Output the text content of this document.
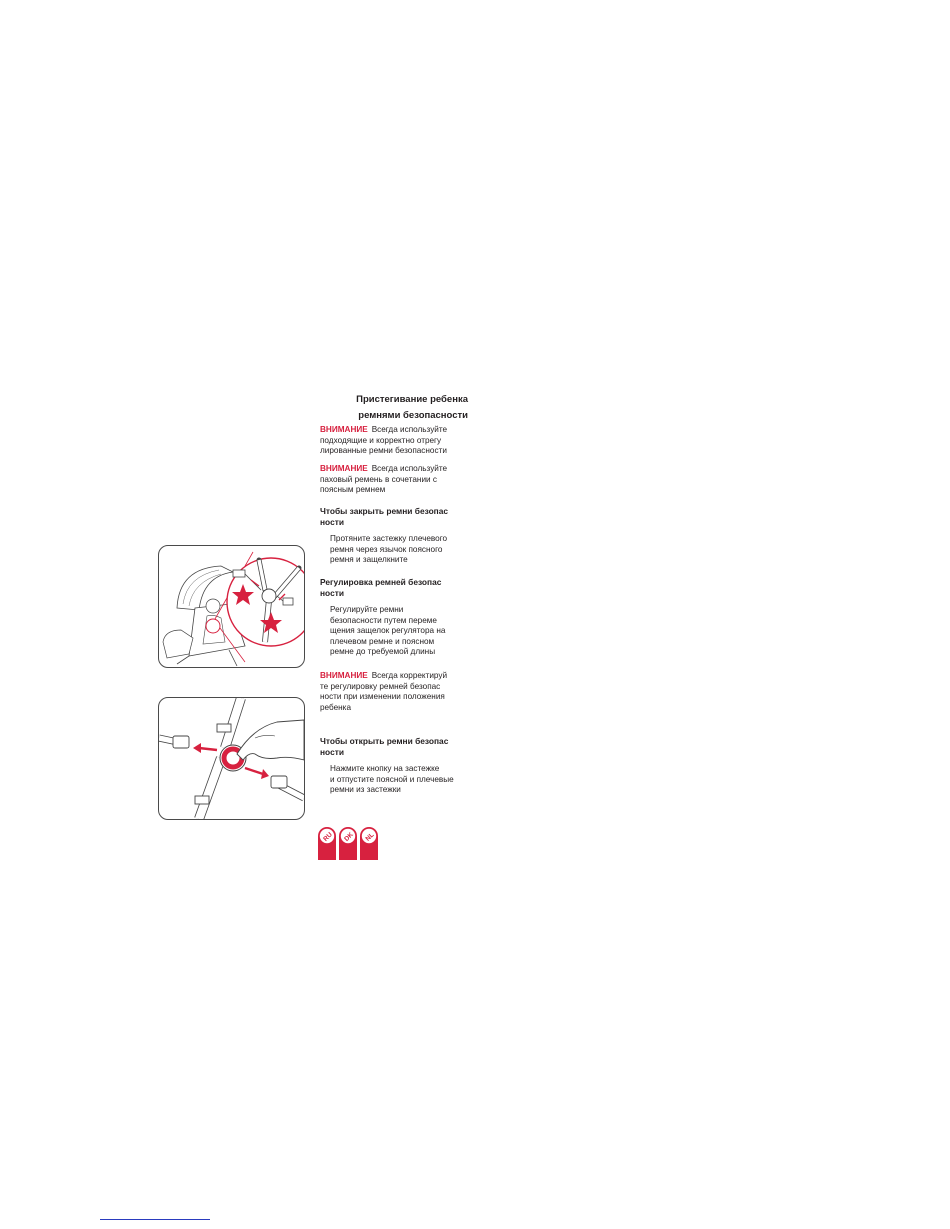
Пристегивание ребенка
ремнями безопасности
ВНИМАНИЕ Всегда используйте
подходящие и корректно отрегу
лированные ремни безопасности
ВНИМАНИЕ Всегда используйте
паховый ремень в сочетании с
поясным ремнем
Чтобы закрыть ремни безопас
ности
Протяните застежку плечевого
ремня через язычок поясного
ремня и защелкните
Регулировка ремней безопас
ности
Регулируйте ремни
безопасности путем переме
щения защелок регулятора на
плечевом ремне и поясном
ремне до требуемой длины
ВНИМАНИЕ Всегда корректируй
те регулировку ремней безопас
ности при изменении положения
ребенка
Чтобы открыть ремни безопас
ности
Нажмите кнопку на застежке
и отпустите поясной и плечевые
ремни из застежки
RU DK NL
